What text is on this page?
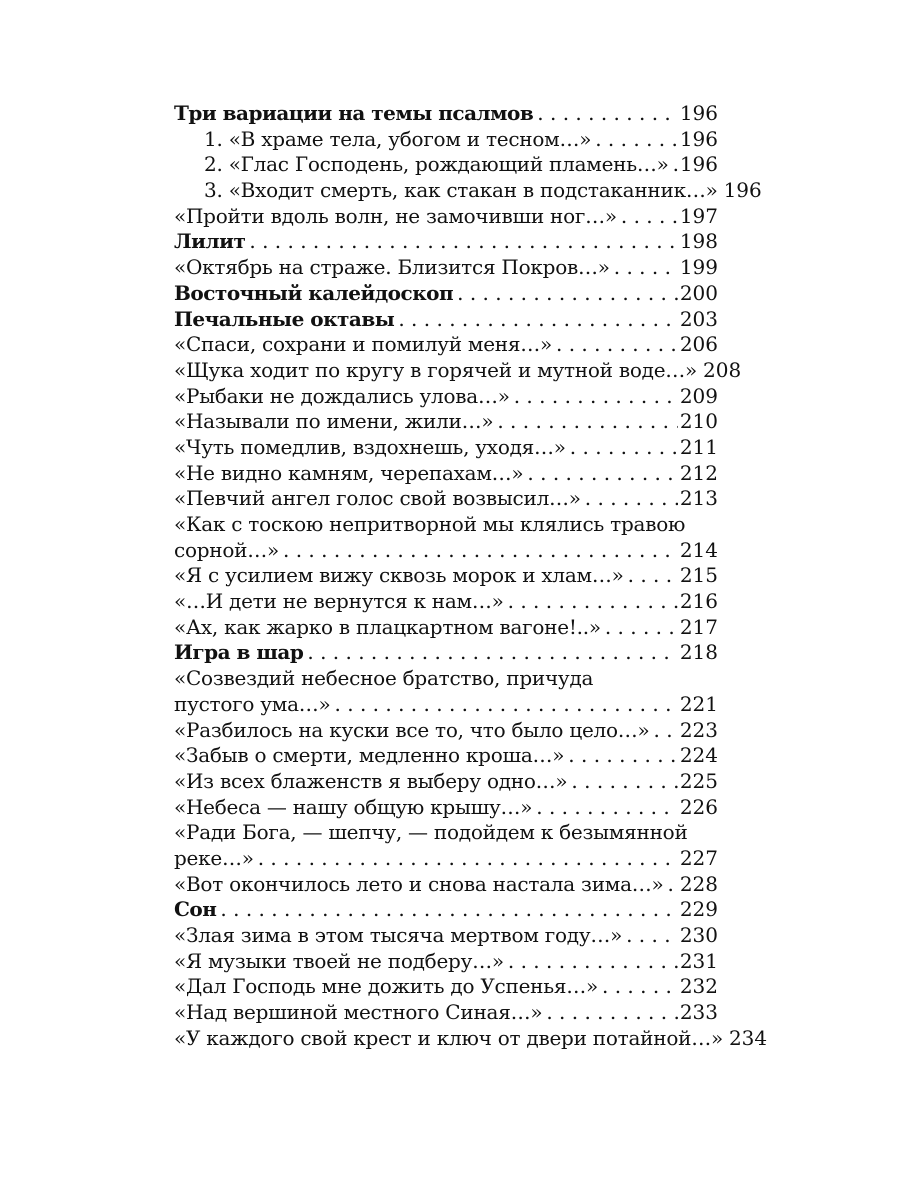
Три вариации на темы псалмов . . .	196
1. «В храме тела, убогом и тесном…» . . .	196
2. «Глас Господень, рождающий пламень…» . . . 196
3. «Входит смерть, как стакан в подстаканник…» 196
«Пройти вдоль волн, не замочивши ног…» . . .	197
Лилит . . .	198
«Октябрь на страже. Близится Покров…» . . .	199
Восточный калейдоскоп . . .	200
Печальные октавы . . .	203
«Спаси, сохрани и помилуй меня…» . . .	206
«Щука ходит по кругу в горячей и мутной воде…» 208
«Рыбаки не дождались улова…» . . .	209
«Называли по имени, жили…» . . .	210
«Чуть помедлив, вздохнешь, уходя…» . . .	211
«Не видно камням, черепахам…» . . .	212
«Певчий ангел голос свой возвысил…» . . .	213
«Как с тоскою непритворной мы клялись травою
сорной…» . . .	214
«Я с усилием вижу сквозь морок и хлам…» . . .	215
«…И дети не вернутся к нам…» . . .	216
«Ах, как жарко в плацкартном вагоне!..» . . .	217
Игра в шар . . .	218
«Созвездий небесное братство, причуда
пустого ума…» . . .	221
«Разбилось на куски все то, что было цело…» . . . 223
«Забыв о смерти, медленно кроша…» . . .	224
«Из всех блаженств я выберу одно…» . . .	225
«Небеса — нашу общую крышу…» . . .	226
«Ради Бога, — шепчу, — подойдем к безымянной
реке…» . . .	227
«Вот окончилось лето и снова настала зима…» . . . 228
Сон . . .	229
«Злая зима в этом тысяча мертвом году…» . . .	230
«Я музыки твоей не подберу…» . . .	231
«Дал Господь мне дожить до Успенья…» . . .	232
«Над вершиной местного Синая…» . . .	233
«У каждого свой крест и ключ от двери потайной…» 234
